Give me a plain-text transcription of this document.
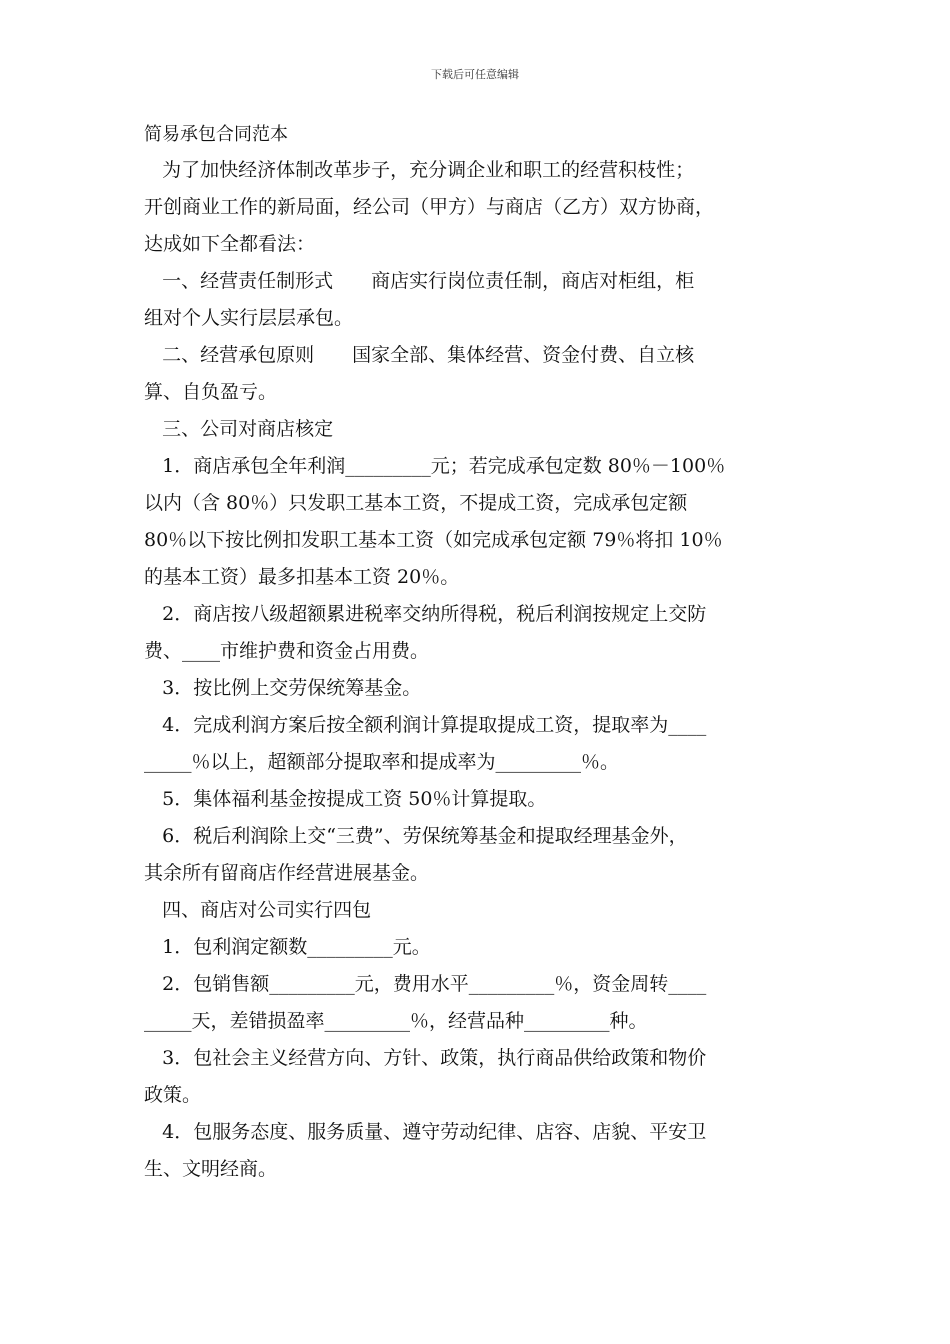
下载后可任意编辑
简易承包合同范本
为了加快经济体制改革步子，充分调企业和职工的经营积枝性；
开创商业工作的新局面，经公司（甲方）与商店（乙方）双方协商，
达成如下全都看法：
一、经营责任制形式　　商店实行岗位责任制，商店对柜组，柜
组对个人实行层层承包。
二、经营承包原则　　国家全部、集体经营、资金付费、自立核
算、自负盈亏。
三、公司对商店核定
1．商店承包全年利润_________元；若完成承包定数 80％－100％
以内（含 80％）只发职工基本工资，不提成工资，完成承包定额
80％以下按比例扣发职工基本工资（如完成承包定额 79％将扣 10％
的基本工资）最多扣基本工资 20％。
2．商店按八级超额累进税率交纳所得税，税后利润按规定上交防
费、____市维护费和资金占用费。
3．按比例上交劳保统筹基金。
4．完成利润方案后按全额利润计算提取提成工资，提取率为____
_____％以上，超额部分提取率和提成率为_________％。
5．集体福利基金按提成工资 50％计算提取。
6．税后利润除上交“三费”、劳保统筹基金和提取经理基金外，
其余所有留商店作经营进展基金。
四、商店对公司实行四包
1．包利润定额数_________元。
2．包销售额_________元，费用水平_________％，资金周转____
_____天，差错损盈率_________％，经营品种_________种。
3．包社会主义经营方向、方针、政策，执行商品供给政策和物价
政策。
4．包服务态度、服务质量、遵守劳动纪律、店容、店貌、平安卫
生、文明经商。
